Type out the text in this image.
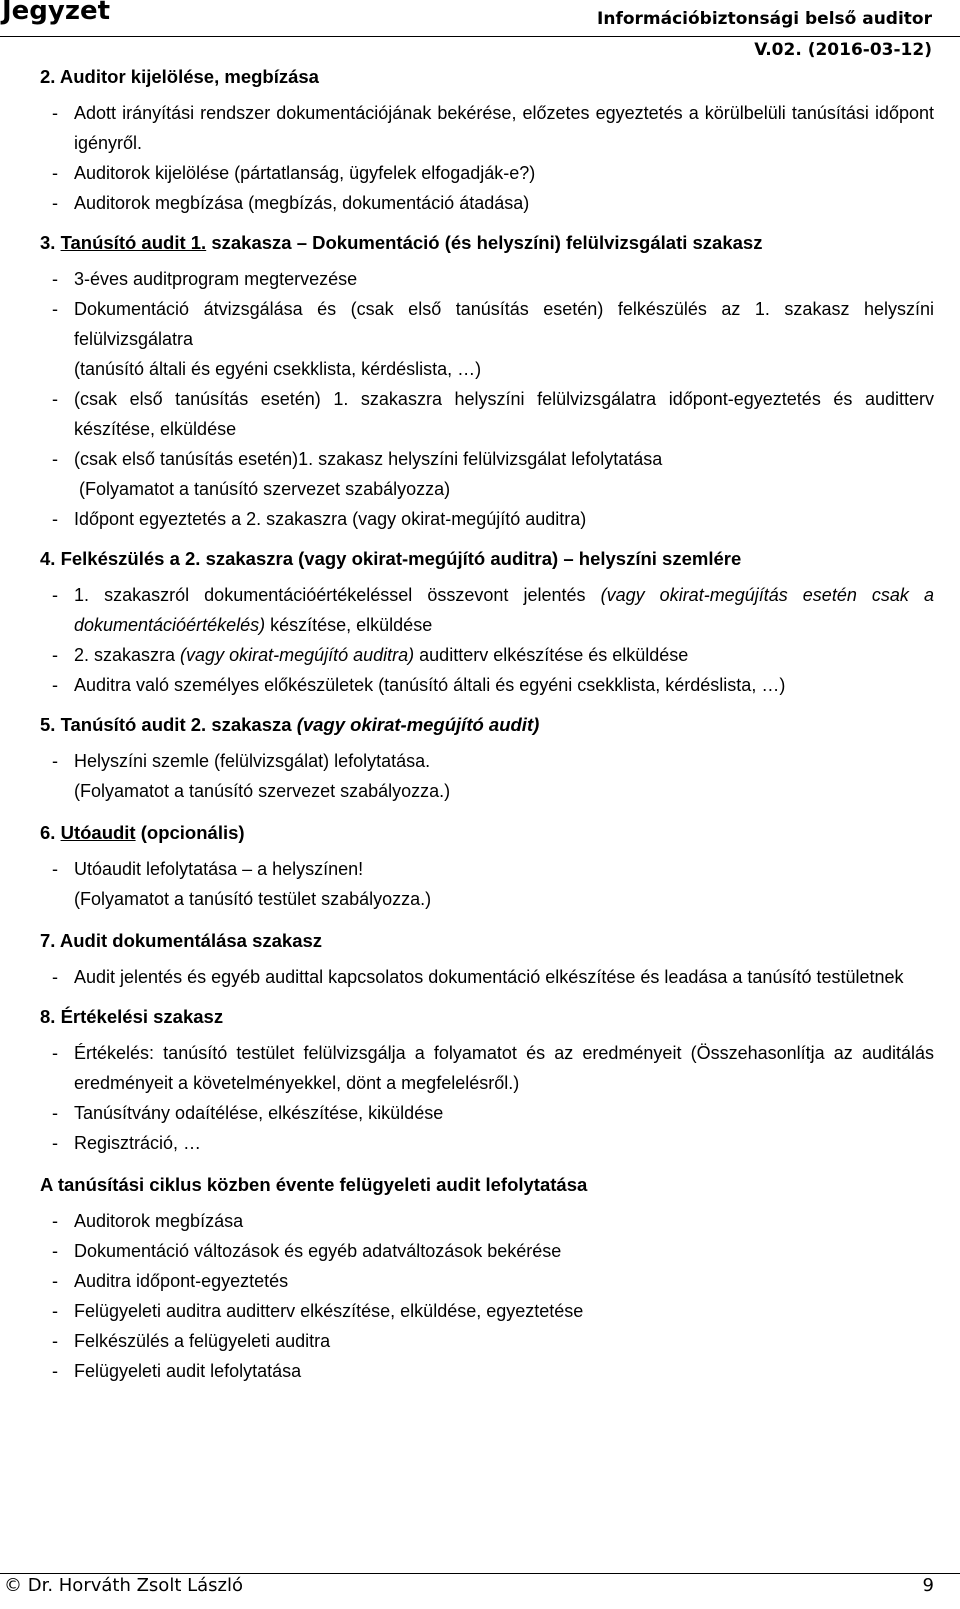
Jegyzet	Információbiztonsági belső auditor
V.02. (2016-03-12)
2. Auditor kijelölése, megbízása
- Adott irányítási rendszer dokumentációjának bekérése, előzetes egyeztetés a körülbelüli tanúsítási időpont igényről.
- Auditorok kijelölése (pártatlanság, ügyfelek elfogadják-e?)
- Auditorok megbízása (megbízás, dokumentáció átadása)
3. Tanúsító audit 1. szakasza – Dokumentáció (és helyszíni) felülvizsgálati szakasz
- 3-éves auditprogram megtervezése
- Dokumentáció átvizsgálása és (csak első tanúsítás esetén) felkészülés az 1. szakasz helyszíni felülvizsgálatra
(tanúsító általi és egyéni csekklista, kérdéslista, …)
- (csak első tanúsítás esetén) 1. szakaszra helyszíni felülvizsgálatra időpont-egyeztetés és auditterv készítése, elküldése
- (csak első tanúsítás esetén)1. szakasz helyszíni felülvizsgálat lefolytatása
(Folyamatot a tanúsító szervezet szabályozza)
- Időpont egyeztetés a 2. szakaszra (vagy okirat-megújító auditra)
4. Felkészülés a 2. szakaszra (vagy okirat-megújító auditra) – helyszíni szemlére
- 1. szakaszról dokumentációértékeléssel összevont jelentés (vagy okirat-megújítás esetén csak a dokumentációértékelés) készítése, elküldése
- 2. szakaszra (vagy okirat-megújító auditra) auditterv elkészítése és elküldése
- Auditra való személyes előkészületek (tanúsító általi és egyéni csekklista, kérdéslista, …)
5. Tanúsító audit 2. szakasza (vagy okirat-megújító audit)
- Helyszíni szemle (felülvizsgálat) lefolytatása.
(Folyamatot a tanúsító szervezet szabályozza.)
6. Utóaudit (opcionális)
- Utóaudit lefolytatása – a helyszínen!
(Folyamatot a tanúsító testület szabályozza.)
7. Audit dokumentálása szakasz
- Audit jelentés és egyéb audittal kapcsolatos dokumentáció elkészítése és leadása a tanúsító testületnek
8. Értékelési szakasz
- Értékelés: tanúsító testület felülvizsgálja a folyamatot és az eredményeit (Összehasonlítja az auditálás eredményeit a követelményekkel, dönt a megfelelésről.)
- Tanúsítvány odaítélése, elkészítése, kiküldése
- Regisztráció, …
A tanúsítási ciklus közben évente felügyeleti audit lefolytatása
- Auditorok megbízása
- Dokumentáció változások és egyéb adatváltozások bekérése
- Auditra időpont-egyeztetés
- Felügyeleti auditra auditterv elkészítése, elküldése, egyeztetése
- Felkészülés a felügyeleti auditra
- Felügyeleti audit lefolytatása
© Dr. Horváth Zsolt László	9
